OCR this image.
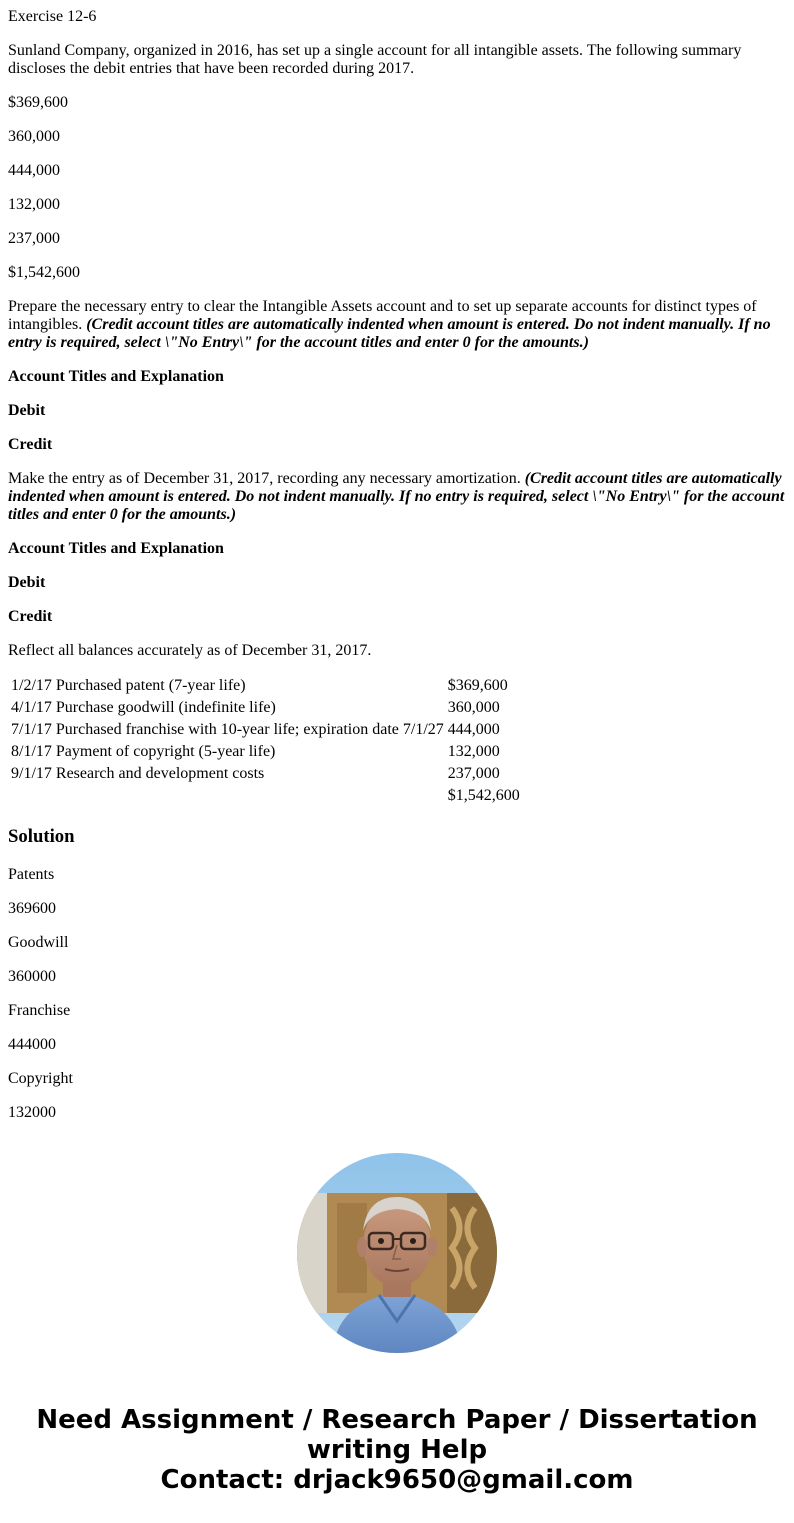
Exercise 12-6

Sunland Company, organized in 2016, has set up a single account for all intangible assets. The following summary discloses the debit entries that have been recorded during 2017.

$369,600

360,000

444,000

132,000

237,000

$1,542,600

Prepare the necessary entry to clear the Intangible Assets account and to set up separate accounts for distinct types of intangibles. (Credit account titles are automatically indented when amount is entered. Do not indent manually. If no entry is required, select \"No Entry\" for the account titles and enter 0 for the amounts.)

Account Titles and Explanation

Debit

Credit

Make the entry as of December 31, 2017, recording any necessary amortization. (Credit account titles are automatically indented when amount is entered. Do not indent manually. If no entry is required, select \"No Entry\" for the account titles and enter 0 for the amounts.)

Account Titles and Explanation

Debit

Credit

Reflect all balances accurately as of December 31, 2017.

1/2/17 Purchased patent (7-year life)	$369,600
4/1/17 Purchase goodwill (indefinite life)	360,000
7/1/17 Purchased franchise with 10-year life; expiration date 7/1/27	444,000
8/1/17 Payment of copyright (5-year life)	132,000
9/1/17 Research and development costs	237,000
	$1,542,600
Solution

Patents

369600

Goodwill

360000

Franchise

444000

Copyright

132000

Need Assignment / Research Paper / Dissertation
writing Help
Contact: drjack9650@gmail.com
